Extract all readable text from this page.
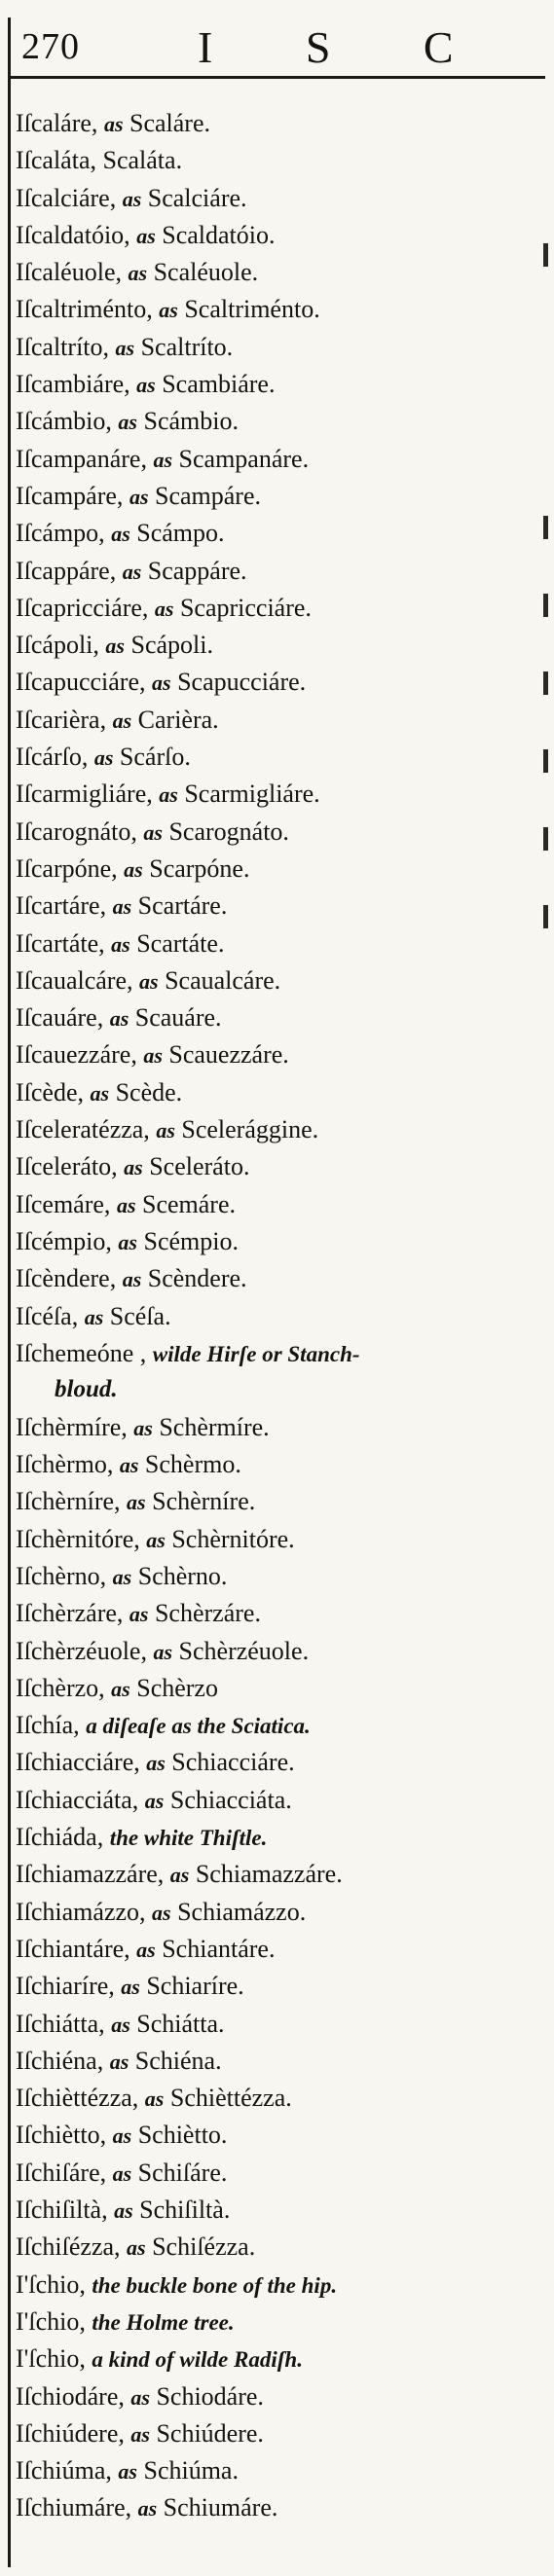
270	I S C
Iſcaláre, as Scaláre.
Iſcaláta, Scaláta.
Iſcalciáre, as Scalciáre.
Iſcaldatóio, as Scaldatóio.
Iſcaléuole, as Scaléuole.
Iſcaltriménto, as Scaltriménto.
Iſcaltríto, as Scaltríto.
Iſcambiáre, as Scambiáre.
Iſcámbio, as Scámbio.
Iſcampanáre, as Scampanáre.
Iſcampáre, as Scampáre.
Iſcámpo, as Scámpo.
Iſcappáre, as Scappáre.
Iſcapricciáre, as Scapricciáre.
Iſcápoli, as Scápoli.
Iſcapucciáre, as Scapucciáre.
Iſcarièra, as Carièra.
Iſcárſo, as Scárſo.
Iſcarmigliáre, as Scarmigliáre.
Iſcarognáto, as Scarognáto.
Iſcarpóne, as Scarpóne.
Iſcartáre, as Scartáre.
Iſcartáte, as Scartáte.
Iſcaualcáre, as Scaualcáre.
Iſcauáre, as Scauáre.
Iſcauezzáre, as Scauezzáre.
Iſcède, as Scède.
Iſceleratézza, as Scelerággine.
Iſceleráto, as Sceleráto.
Iſcemáre, as Scemáre.
Iſcémpio, as Scémpio.
Iſcèndere, as Scèndere.
Iſcéſa, as Scéſa.
Iſchemeóne , wilde Hirſe or Stanch-
bloud.
Iſchèrmíre, as Schèrmíre.
Iſchèrmo, as Schèrmo.
Iſchèrníre, as Schèrníre.
Iſchèrnitóre, as Schèrnitóre.
Iſchèrno, as Schèrno.
Iſchèrzáre, as Schèrzáre.
Iſchèrzéuole, as Schèrzéuole.
Iſchèrzo, as Schèrzo
Iſchía, a diſeaſe as the Sciatica.
Iſchiacciáre, as Schiacciáre.
Iſchiacciáta, as Schiacciáta.
Iſchiáda, the white Thiſtle.
Iſchiamazzáre, as Schiamazzáre.
Iſchiamázzo, as Schiamázzo.
Iſchiantáre, as Schiantáre.
Iſchiaríre, as Schiaríre.
Iſchiátta, as Schiátta.
Iſchiéna, as Schiéna.
Iſchièttézza, as Schièttézza.
Iſchiètto, as Schiètto.
Iſchiſáre, as Schiſáre.
Iſchiſiltà, as Schiſiltà.
Iſchiſézza, as Schiſézza.
I'ſchio, the buckle bone of the hip.
I'ſchio, the Holme tree.
I'ſchio, a kind of wilde Radiſh.
Iſchiodáre, as Schiodáre.
Iſchiúdere, as Schiúdere.
Iſchiúma, as Schiúma.
Iſchiumáre, as Schiumáre.
